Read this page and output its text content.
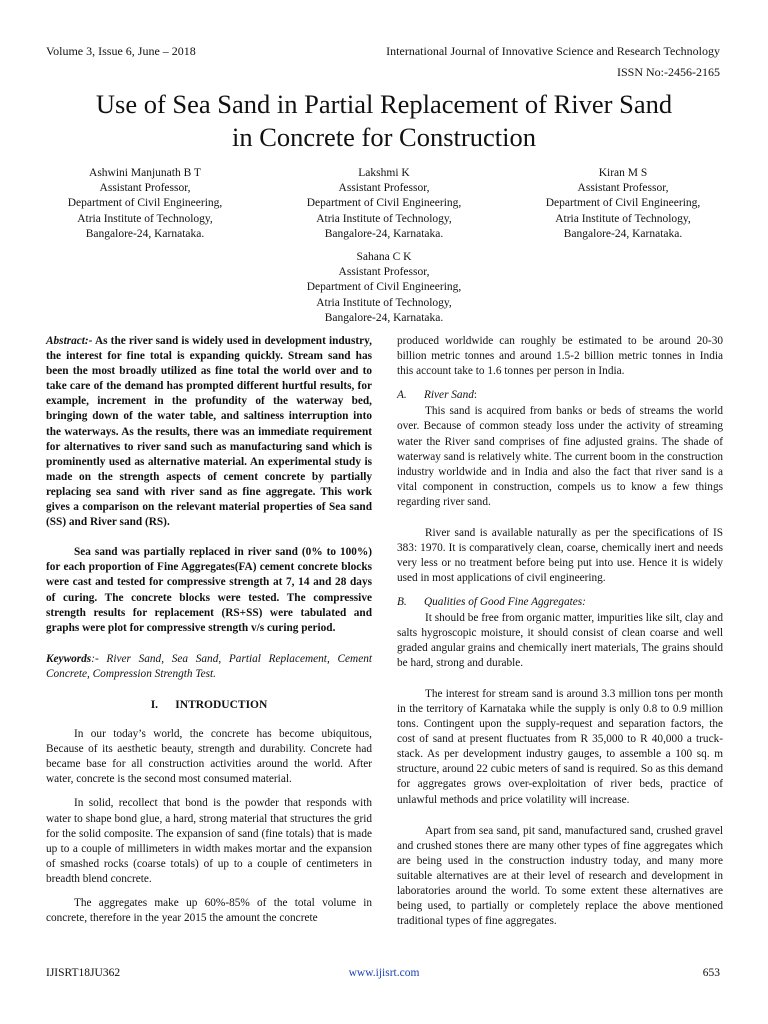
Volume 3, Issue 6, June – 2018	International Journal of Innovative Science and Research Technology
ISSN No:-2456-2165
Use of Sea Sand in Partial Replacement of River Sand
in Concrete for Construction
Ashwini Manjunath B T
Assistant Professor,
Department of Civil Engineering,
Atria Institute of Technology,
Bangalore-24, Karnataka.
Lakshmi K
Assistant Professor,
Department of Civil Engineering,
Atria Institute of Technology,
Bangalore-24, Karnataka.
Kiran M S
Assistant Professor,
Department of Civil Engineering,
Atria Institute of Technology,
Bangalore-24, Karnataka.
Sahana C K
Assistant Professor,
Department of Civil Engineering,
Atria Institute of Technology,
Bangalore-24, Karnataka.

Abstract:- As the river sand is widely used in development industry, the interest for fine total is expanding quickly. Stream sand has been the most broadly utilized as fine total the world over and to take care of the demand has prompted different hurtful results, for example, increment in the profundity of the waterway bed, bringing down of the water table, and saltiness interruption into the waterways. As the results, there was an immediate requirement for alternatives to river sand such as manufacturing sand which is prominently used as alternative material. An experimental study is made on the strength aspects of cement concrete by partially replacing sea sand with river sand as fine aggregate. This work gives a comparison on the relevant material properties of Sea sand (SS) and River sand (RS).

Sea sand was partially replaced in river sand (0% to 100%) for each proportion of Fine Aggregates(FA) cement concrete blocks were cast and tested for compressive strength at 7, 14 and 28 days of curing. The concrete blocks were tested. The compressive strength results for replacement (RS+SS) were tabulated and graphs were plot for compressive strength v/s curing period.

Keywords:- River Sand, Sea Sand, Partial Replacement, Cement Concrete, Compression Strength Test.

I. INTRODUCTION

In our today’s world, the concrete has become ubiquitous, Because of its aesthetic beauty, strength and durability. Concrete had became base for all construction activities around the world. After water, concrete is the second most consumed material.

In solid, recollect that bond is the powder that responds with water to shape bond glue, a hard, strong material that structures the grid for the solid composite. The expansion of sand (fine totals) that is made up to a couple of millimeters in width makes mortar and the expansion of smashed rocks (coarse totals) of up to a couple of centimeters in breadth blend concrete.

The aggregates make up 60%-85% of the total volume in concrete, therefore in the year 2015 the amount the concrete

produced worldwide can roughly be estimated to be around 20-30 billion metric tonnes and around 1.5-2 billion metric tonnes in India this account take to 1.6 tonnes per person in India.

A. River Sand:

This sand is acquired from banks or beds of streams the world over. Because of common steady loss under the activity of streaming water the River sand comprises of fine adjusted grains. The shade of waterway sand is relatively white. The current boom in the construction industry worldwide and in India and also the fact that river sand is a vital component in construction, compels us to know a few things regarding river sand.

River sand is available naturally as per the specifications of IS 383: 1970. It is comparatively clean, coarse, chemically inert and needs very less or no treatment before being put into use. Hence it is widely used in most applications of civil engineering.

B. Qualities of Good Fine Aggregates:

It should be free from organic matter, impurities like silt, clay and salts hygroscopic moisture, it should consist of clean coarse and well graded angular grains and chemically inert materials, The grains should be hard, strong and durable.

The interest for stream sand is around 3.3 million tons per month in the territory of Karnataka while the supply is only 0.8 to 0.9 million tons. Contingent upon the supply-request and separation factors, the cost of sand at present fluctuates from R 35,000 to R 40,000 a truck-stack. As per development industry gauges, to assemble a 100 sq. m structure, around 22 cubic meters of sand is required. So as this demand for aggregates grows over-exploitation of river beds, practice of unlawful methods and price volatility will increase.

Apart from sea sand, pit sand, manufactured sand, crushed gravel and crushed stones there are many other types of fine aggregates which are being used in the construction industry today, and many more suitable alternatives are at their level of research and development in laboratories around the world. To some extent these alternatives are being used, to partially or completely replace the above mentioned traditional types of fine aggregates.

IJISRT18JU362	www.ijisrt.com	653
